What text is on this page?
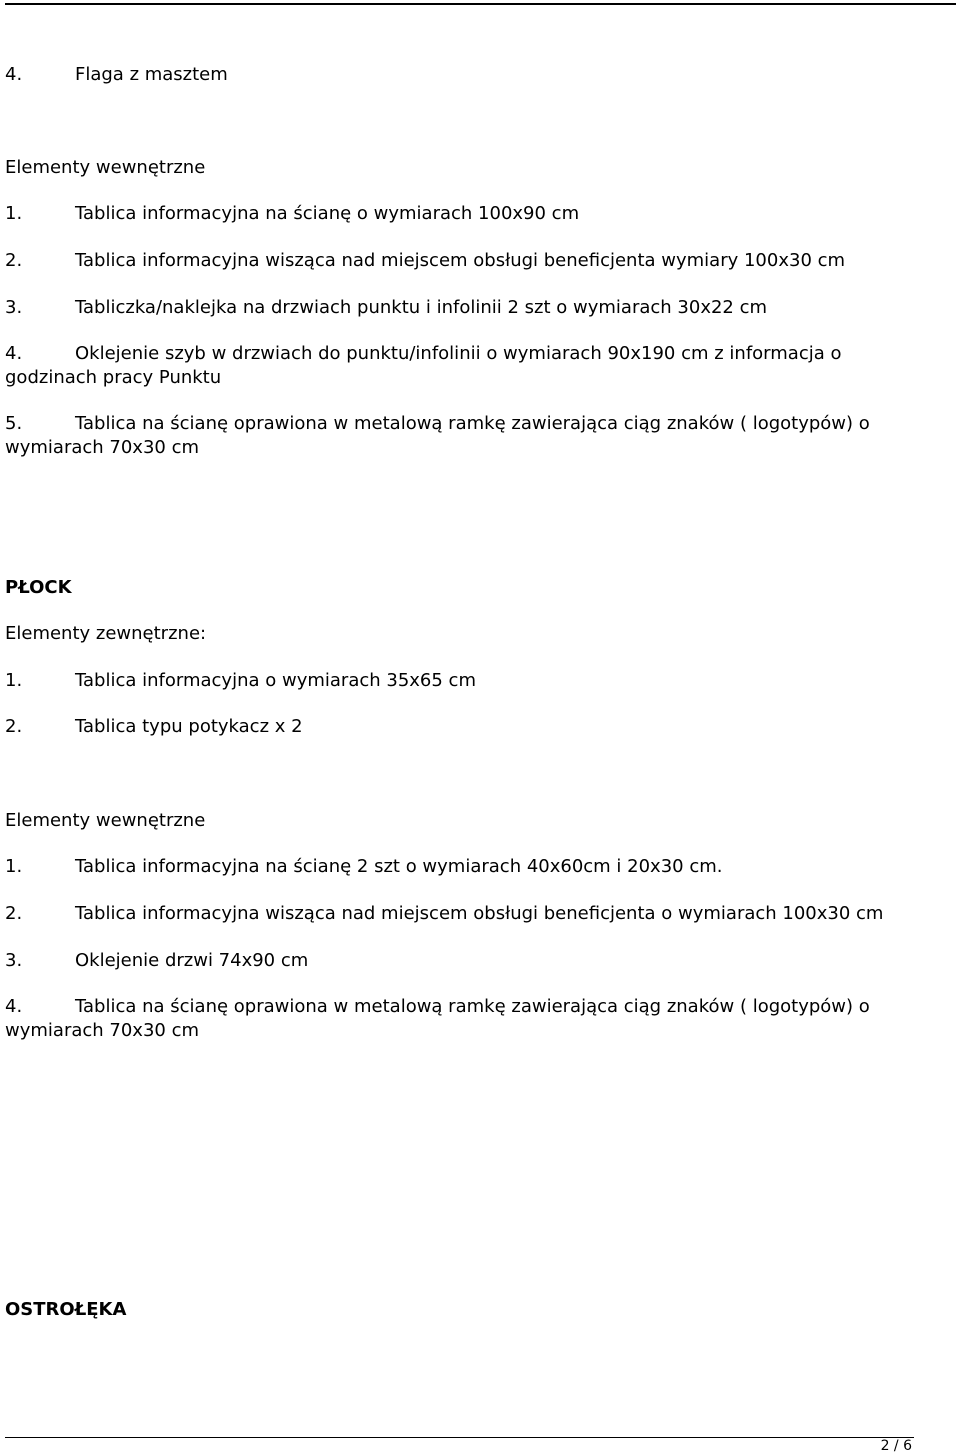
4.	Flaga z masztem
Elementy wewnętrzne
1.	Tablica informacyjna na ścianę o wymiarach 100x90 cm
2.	Tablica informacyjna wisząca nad miejscem obsługi beneficjenta wymiary 100x30 cm
3.	Tabliczka/naklejka na drzwiach punktu i infolinii 2 szt o wymiarach 30x22 cm
4.	Oklejenie szyb w drzwiach do punktu/infolinii o wymiarach 90x190 cm z informacja o godzinach pracy Punktu
5.	Tablica na ścianę oprawiona w metalową ramkę zawierająca ciąg znaków ( logotypów) o wymiarach 70x30 cm
PŁOCK
Elementy zewnętrzne:
1.	Tablica informacyjna o wymiarach 35x65 cm
2.	Tablica typu potykacz x 2
Elementy wewnętrzne
1.	Tablica informacyjna na ścianę 2 szt o wymiarach 40x60cm i 20x30 cm.
2.	Tablica informacyjna wisząca nad miejscem obsługi beneficjenta o wymiarach 100x30 cm
3.	Oklejenie drzwi 74x90 cm
4.	Tablica na ścianę oprawiona w metalową ramkę zawierająca ciąg znaków ( logotypów) o wymiarach 70x30 cm
OSTROŁĘKA
2 / 6
